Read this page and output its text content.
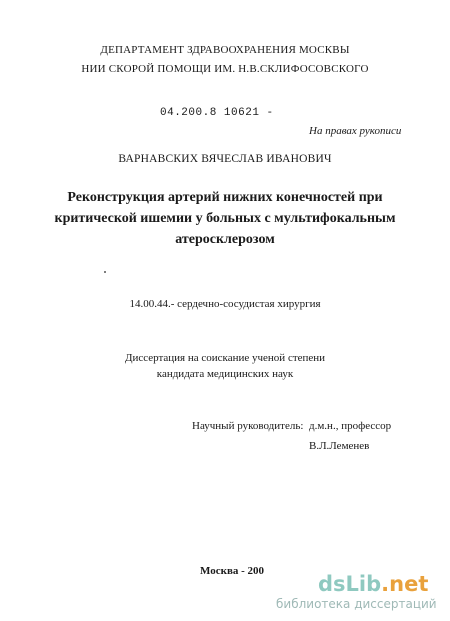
ДЕПАРТАМЕНТ ЗДРАВООХРАНЕНИЯ МОСКВЫ
НИИ СКОРОЙ ПОМОЩИ ИМ. Н.В.СКЛИФОСОВСКОГО
04.200.8 10621 -
На правах рукописи
ВАРНАВСКИХ ВЯЧЕСЛАВ ИВАНОВИЧ
Реконструкция артерий нижних конечностей при
критической ишемии у больных с мультифокальным
атеросклерозом
14.00.44.- сердечно-сосудистая хирургия
Диссертация на соискание ученой степени
кандидата медицинских наук
Научный руководитель: д.м.н., профессор
В.Л.Леменев
Москва - 200
dsLib.net
библиотека диссертаций
